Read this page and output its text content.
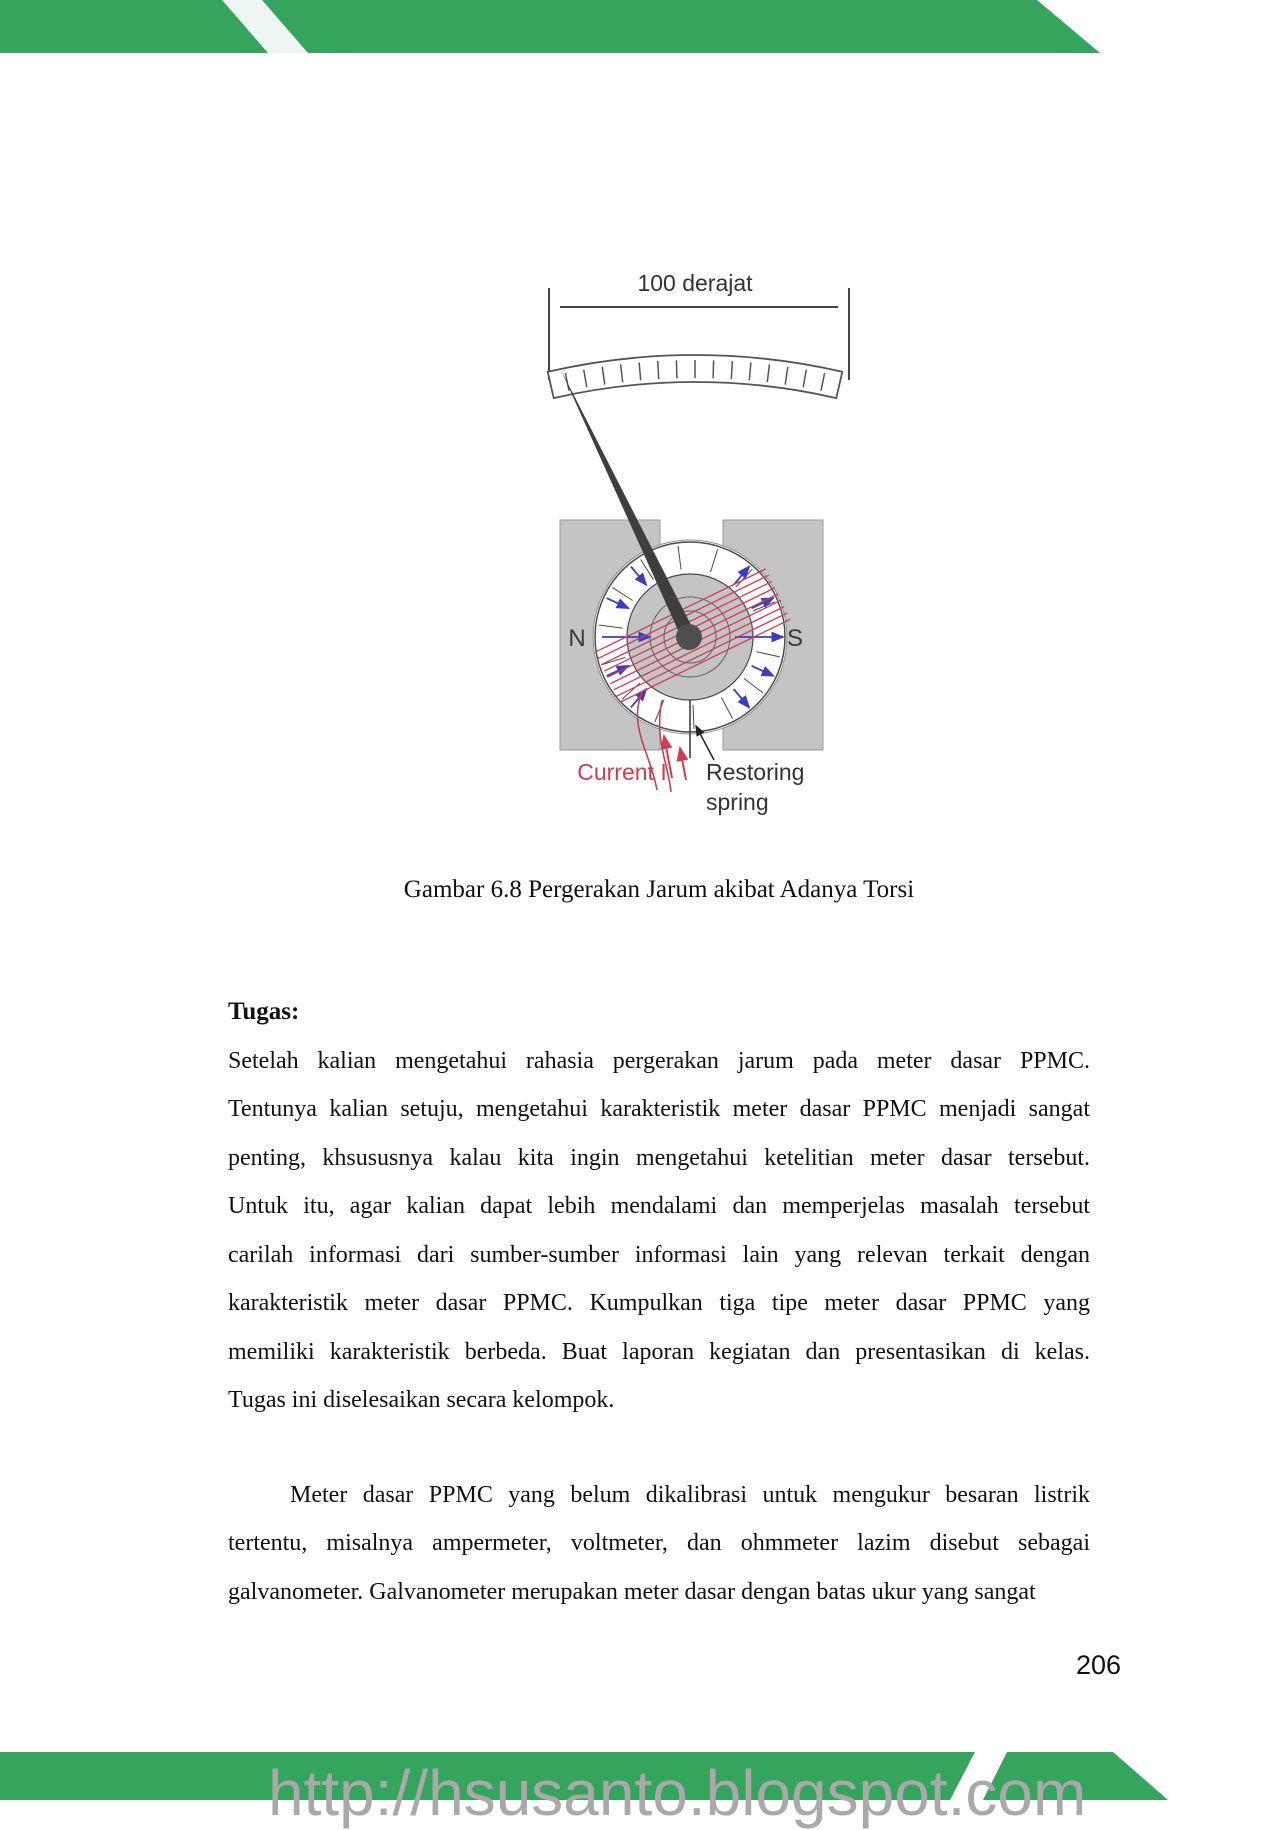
100 derajat
N	S
Current I Restoring
spring
Gambar 6.8 Pergerakan Jarum akibat Adanya Torsi
Tugas:
Setelah kalian mengetahui rahasia pergerakan jarum pada meter dasar PPMC.
Tentunya kalian setuju, mengetahui karakteristik meter dasar PPMC menjadi sangat
penting, khsususnya kalau kita ingin mengetahui ketelitian meter dasar tersebut.
Untuk itu, agar kalian dapat lebih mendalami dan memperjelas masalah tersebut
carilah informasi dari sumber-sumber informasi lain yang relevan terkait dengan
karakteristik meter dasar PPMC. Kumpulkan tiga tipe meter dasar PPMC yang
memiliki karakteristik berbeda. Buat laporan kegiatan dan presentasikan di kelas.
Tugas ini diselesaikan secara kelompok.
Meter dasar PPMC yang belum dikalibrasi untuk mengukur besaran listrik
tertentu, misalnya ampermeter, voltmeter, dan ohmmeter lazim disebut sebagai
galvanometer. Galvanometer merupakan meter dasar dengan batas ukur yang sangat
206
http://hsusanto.blogspot.com
